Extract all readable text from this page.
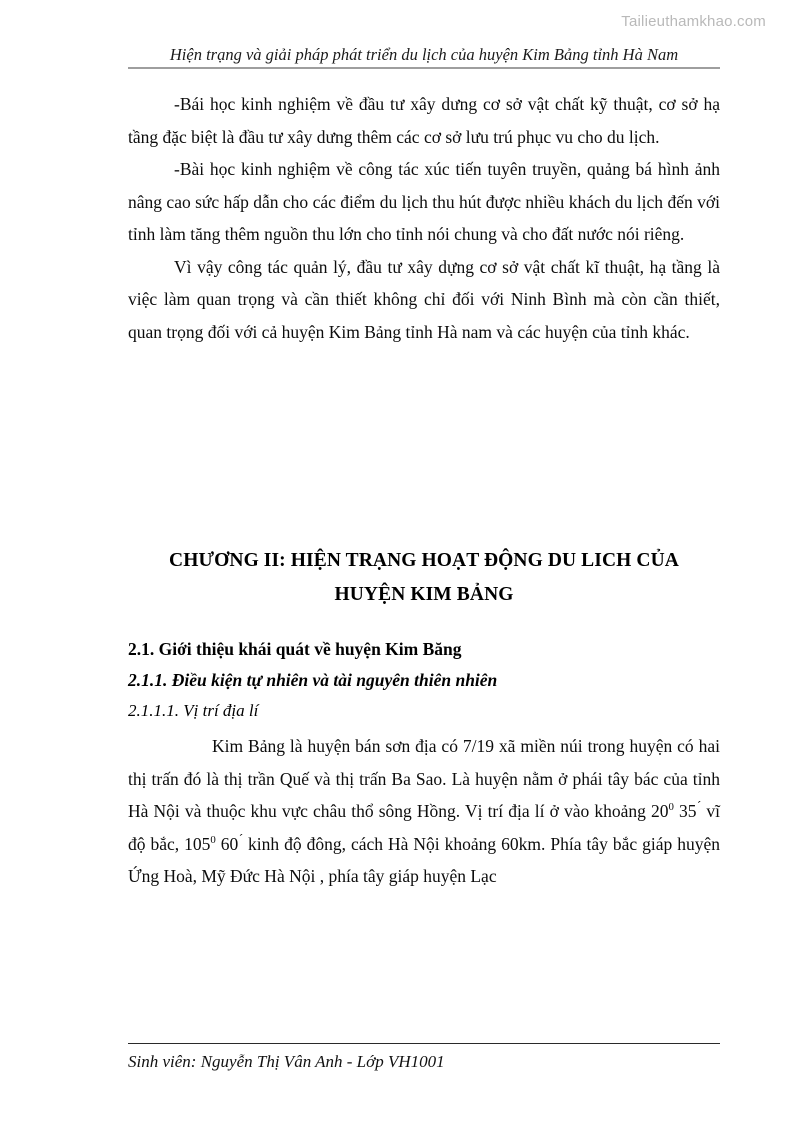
Tailieuthamkhao.com
Hiện trạng và giải pháp phát triển du lịch của huyện Kim Bảng tỉnh Hà Nam

-Bái học kinh nghiệm về đầu tư xây dưng cơ sở vật chất kỹ thuật, cơ sở hạ tầng đặc biệt là đầu tư xây dưng thêm các cơ sở lưu trú phục vu cho du lịch.

-Bài học kinh nghiệm về công tác xúc tiến tuyên truyền, quảng bá hình ảnh nâng cao sức hấp dẫn cho các điểm du lịch thu hút được nhiều khách du lịch đến với tỉnh làm tăng thêm nguồn thu lớn cho tỉnh nói chung và cho đất nước nói riêng.

Vì vậy công tác quản lý, đầu tư xây dựng cơ sở vật chất kĩ thuật, hạ tầng là việc làm quan trọng và cần thiết không chỉ đối với Ninh Bình mà còn cần thiết, quan trọng đối với cả huyện Kim Bảng tỉnh Hà nam và các huyện của tỉnh khác.

CHƯƠNG II: HIỆN TRẠNG HOẠT ĐỘNG DU LICH CỦA
HUYỆN KIM BẢNG
2.1. Giới thiệu khái quát về huyện Kim Băng
2.1.1. Điều kiện tự nhiên và tài nguyên thiên nhiên
2.1.1.1. Vị trí địa lí

Kim Bảng là huyện bán sơn địa có 7/19 xã miền núi trong huyện có hai thị trấn đó là thị trần Quế và thị trấn Ba Sao. Là huyện nằm ở phái tây bác của tỉnh Hà Nội và thuộc khu vực châu thổ sông Hồng. Vị trí địa lí ở vào khoảng $20^0$ 35´ vĩ độ bắc, $105^0$ 60´ kinh độ đông, cách Hà Nội khoảng 60km. Phía tây bắc giáp huyện Ứng Hoà, Mỹ Đức Hà Nội , phía tây giáp huyện Lạc

Sinh viên: Nguyễn Thị Vân Anh - Lớp VH1001
